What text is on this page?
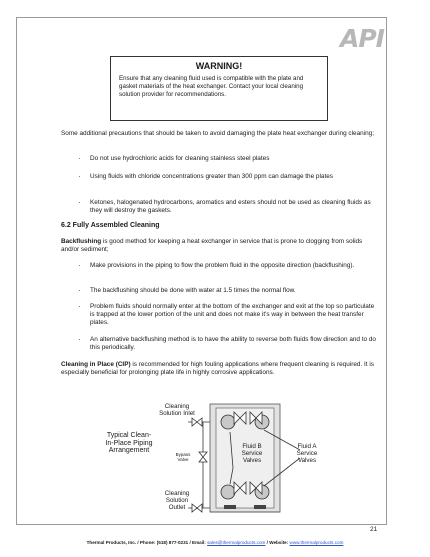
API
WARNING!
Ensure that any cleaning fluid used is compatible with the plate and gasket materials of the heat exchanger. Contact your local cleaning solution provider for recommendations.
Some additional precautions that should be taken to avoid damaging the plate heat exchanger during cleaning;
· Do not use hydrochloric acids for cleaning stainless steel plates
· Using fluids with chloride concentrations greater than 300 ppm can damage the plates
· Ketones, halogenated hydrocarbons, aromatics and esters should not be used as cleaning fluids as they will destroy the gaskets.
6.2 Fully Assembled Cleaning
Backflushing is good method for keeping a heat exchanger in service that is prone to clogging from solids and/or sediment;
· Make provisions in the piping to flow the problem fluid in the opposite direction (backflushing).
· The backflushing should be done with water at 1.5 times the normal flow.
· Problem fluids should normally enter at the bottom of the exchanger and exit at the top so particulate is trapped at the lower portion of the unit and does not make it's way in between the heat transfer plates.
· An alternative backflushing method is to have the ability to reverse both fluids flow direction and to do this periodically.
Cleaning in Place (CIP) is recommended for high fouling applications where frequent cleaning is required. It is especially beneficial for prolonging plate life in highly corrosive applications.
Cleaning Solution Inlet
Cleaning Solution Outlet
Typical Clean-In-Place Piping Arrangement
Bypass Valve
Fluid B Service Valves
Fluid A Service Valves
21
Thermal Products, Inc. / Phone: (518) 877-0231 / Email: sales@thermalproducts.com / Website: www.thermalproducts.com
